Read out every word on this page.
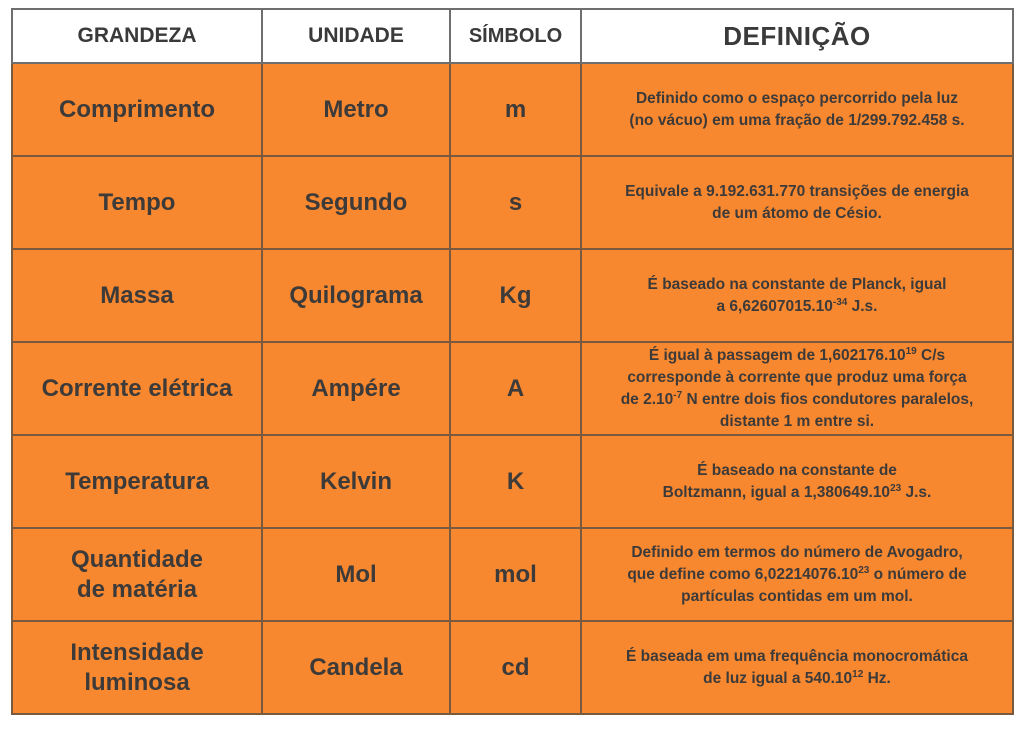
GRANDEZA	UNIDADE	SÍMBOLO	DEFINIÇÃO

Comprimento	Metro	m	Definido como o espaço percorrido pela luz
(no vácuo) em uma fração de 1/299.792.458 s.

Tempo	Segundo	s	Equivale a 9.192.631.770 transições de energia
de um átomo de Césio.

Massa	Quilograma	Kg	É baseado na constante de Planck, igual
a $6,62607015.10^{-34}$ J.s.

Corrente elétrica	Ampére	A	É igual à passagem de 1,602176.10$^{19}$ C/s
corresponde à corrente que produz uma força
de $2.10^{-7}$ N entre dois fios condutores paralelos,
distante 1 m entre si.

Temperatura	Kelvin	K	É baseado na constante de
Boltzmann, igual a 1,380649.10$^{23}$ J.s.

Quantidade
de matéria	Mol	mol	Definido em termos do número de Avogadro,
que define como 6,02214076.10$^{23}$ o número de
partículas contidas em um mol.

Intensidade
luminosa	Candela	cd	É baseada em uma frequência monocromática
de luz igual a 540.10$^{12}$ Hz.
